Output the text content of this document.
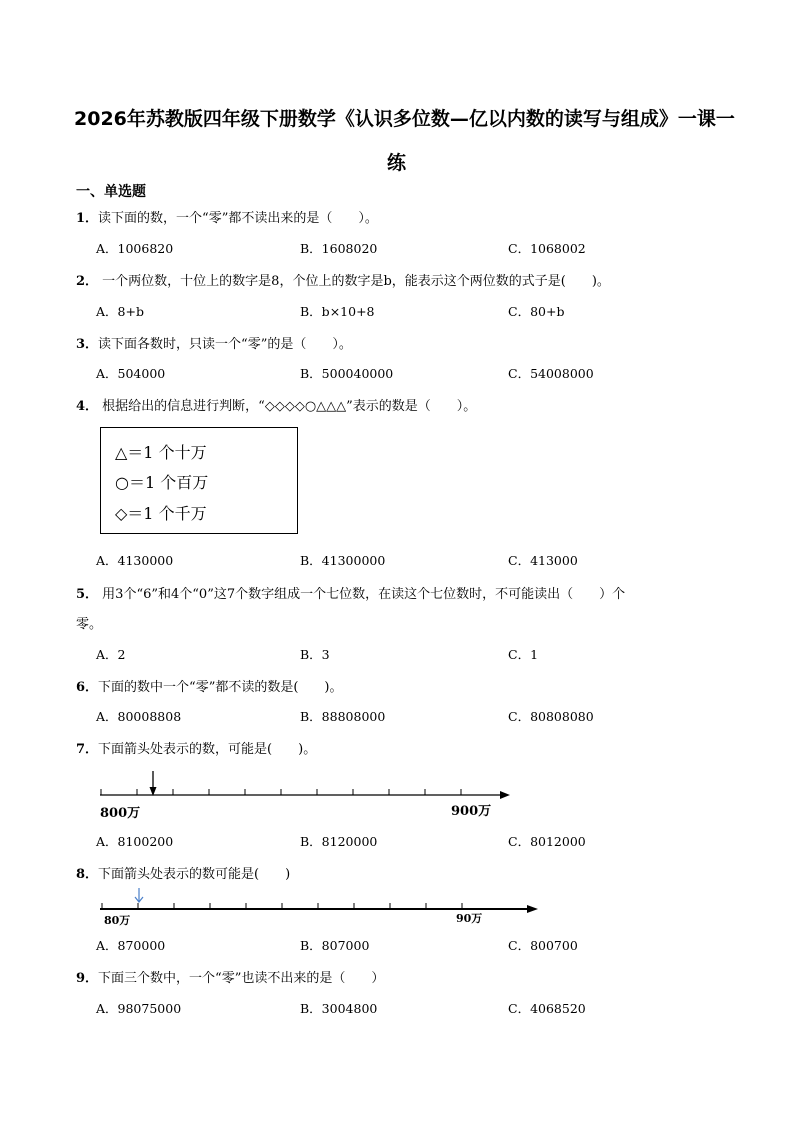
2026年苏教版四年级下册数学《认识多位数—亿以内数的读写与组成》一课一
练
一、单选题
1．读下面的数，一个“零”都不读出来的是（　　）。
A．1006820	B．1608020	C．1068002
2． 一个两位数，十位上的数字是8，个位上的数字是b，能表示这个两位数的式子是(　　)。
A．8+b	B．b×10+8	C．80+b
3．读下面各数时，只读一个“零”的是（　　）。
A．504000	B．500040000	C．54008000
4． 根据给出的信息进行判断，“◇◇◇◇○△△△”表示的数是（　　）。
△＝1 个十万
○＝1 个百万
◇＝1 个千万
A．4130000	B．41300000	C．413000
5． 用3个“6”和4个“0”这7个数字组成一个七位数，在读这个七位数时，不可能读出（　　）个
零。
A．2	B．3	C．1
6．下面的数中一个“零”都不读的数是(　　)。
A．80008808	B．88808000	C．80808080
7．下面箭头处表示的数，可能是(　　)。
800万	900万
A．8100200	B．8120000	C．8012000
8．下面箭头处表示的数可能是(　　)
80万	90万
A．870000	B．807000	C．800700
9．下面三个数中，一个“零”也读不出来的是（　　）
A．98075000	B．3004800	C．4068520
